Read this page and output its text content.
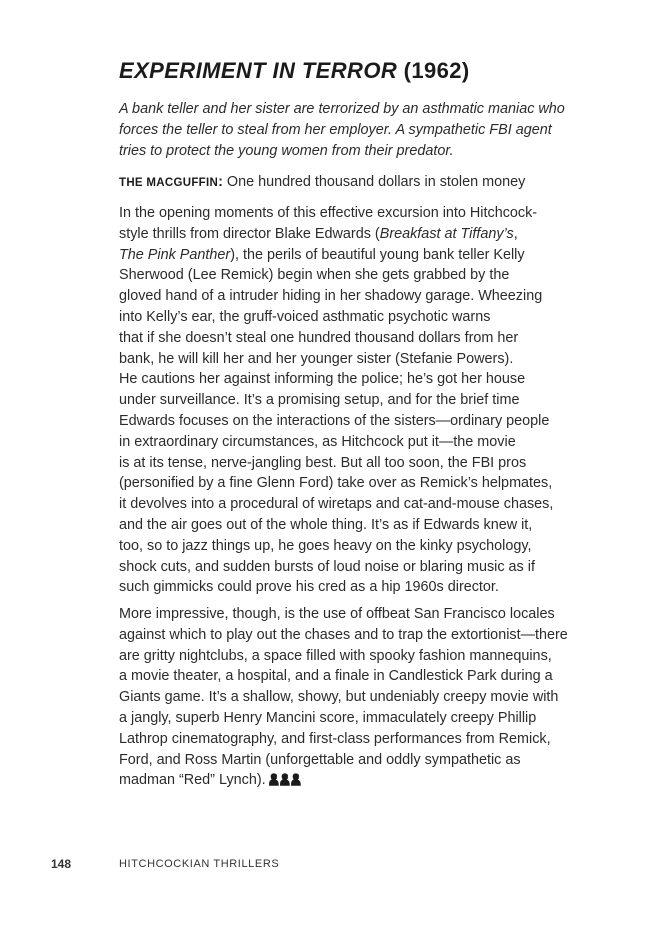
EXPERIMENT IN TERROR (1962)

A bank teller and her sister are terrorized by an asthmatic maniac who
forces the teller to steal from her employer. A sympathetic FBI agent
tries to protect the young women from their predator.

THE MACGUFFIN: One hundred thousand dollars in stolen money

In the opening moments of this effective excursion into Hitchcock-
style thrills from director Blake Edwards (Breakfast at Tiffany’s,
The Pink Panther), the perils of beautiful young bank teller Kelly
Sherwood (Lee Remick) begin when she gets grabbed by the
gloved hand of a intruder hiding in her shadowy garage. Wheezing
into Kelly’s ear, the gruff-voiced asthmatic psychotic warns
that if she doesn’t steal one hundred thousand dollars from her
bank, he will kill her and her younger sister (Stefanie Powers).
He cautions her against informing the police; he’s got her house
under surveillance. It’s a promising setup, and for the brief time
Edwards focuses on the interactions of the sisters—ordinary people
in extraordinary circumstances, as Hitchcock put it—the movie
is at its tense, nerve-jangling best. But all too soon, the FBI pros
(personified by a fine Glenn Ford) take over as Remick’s helpmates,
it devolves into a procedural of wiretaps and cat-and-mouse chases,
and the air goes out of the whole thing. It’s as if Edwards knew it,
too, so to jazz things up, he goes heavy on the kinky psychology,
shock cuts, and sudden bursts of loud noise or blaring music as if
such gimmicks could prove his cred as a hip 1960s director.

More impressive, though, is the use of offbeat San Francisco locales
against which to play out the chases and to trap the extortionist—there
are gritty nightclubs, a space filled with spooky fashion mannequins,
a movie theater, a hospital, and a finale in Candlestick Park during a
Giants game. It’s a shallow, showy, but undeniably creepy movie with
a jangly, superb Henry Mancini score, immaculately creepy Phillip
Lathrop cinematography, and first-class performances from Remick,
Ford, and Ross Martin (unforgettable and oddly sympathetic as
madman “Red” Lynch).

148	HITCHCOCKIAN THRILLERS
